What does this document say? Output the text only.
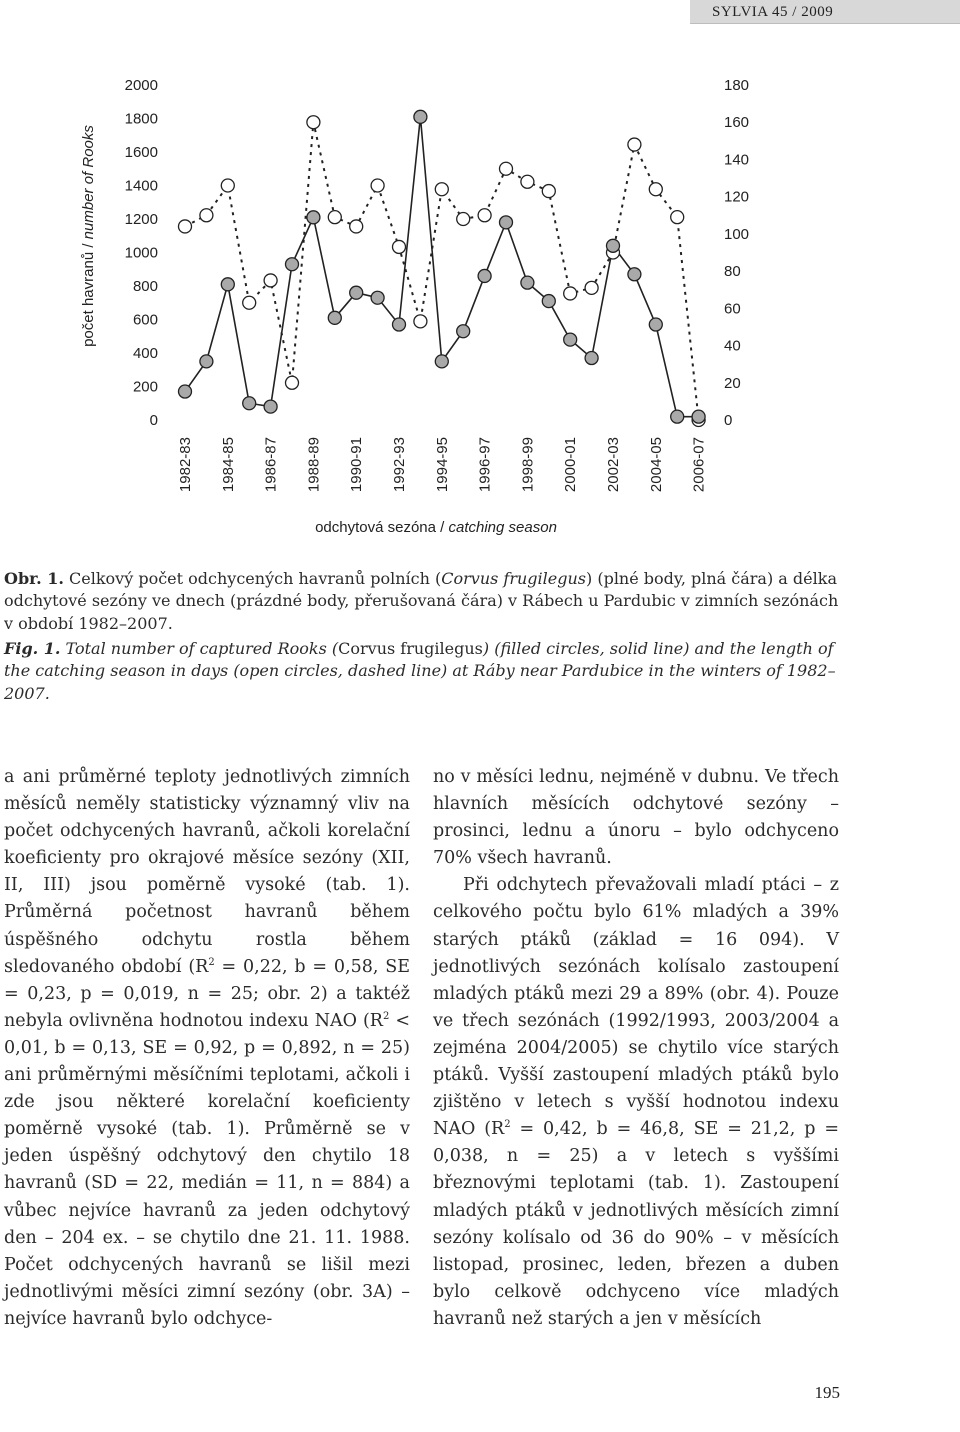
SYLVIA 45 / 2009
0
200
400
600
800
1000
1200
1400
1600
1800
2000
0
20
40
60
80
100
120
140
160
180
1982-83 1984-85 1986-87 1988-89 1990-91 1992-93 1994-95 1996-97 1998-99 2000-01 2002-03 2004-05 2006-07
počet havranů / number of Rooks
odchytová sezóna / catching season
Obr. 1. Celkový počet odchycených havranů polních (Corvus frugilegus) (plné body, plná čára) a délka odchytové sezóny ve dnech (prázdné body, přerušovaná čára) v Rábech u Pardubic v zimních sezónách v období 1982–2007.
Fig. 1. Total number of captured Rooks (Corvus frugilegus) (filled circles, solid line) and the length of the catching season in days (open circles, dashed line) at Ráby near Pardubice in the winters of 1982–2007.

a ani průměrné teploty jednotlivých zimních měsíců neměly statisticky významný vliv na počet odchycených havranů, ačkoli korelační koeficienty pro okrajové měsíce sezóny (XII, II, III) jsou poměrně vysoké (tab. 1). Průměrná početnost havranů během úspěšného odchytu rostla během sledovaného období ($R^2 = 0,22$, b = 0,58, SE = 0,23, p = 0,019, n = 25; obr. 2) a taktéž nebyla ovlivněna hodnotou indexu NAO ($R^2 < 0,01$, b = 0,13, SE = 0,92, p = 0,892, n = 25) ani průměrnými měsíčními teplotami, ačkoli i zde jsou některé korelační koeficienty poměrně vysoké (tab. 1). Průměrně se v jeden úspěšný odchytový den chytilo 18 havranů (SD = 22, medián = 11, n = 884) a vůbec nejvíce havranů za jeden odchytový den – 204 ex. – se chytilo dne 21. 11. 1988. Počet odchycených havranů se lišil mezi jednotlivými měsíci zimní sezóny (obr. 3A) – nejvíce havranů bylo odchyce-

no v měsíci lednu, nejméně v dubnu. Ve třech hlavních měsících odchytové sezóny – prosinci, lednu a únoru – bylo odchyceno 70% všech havranů.

Při odchytech převažovali mladí ptáci – z celkového počtu bylo 61% mladých a 39% starých ptáků (základ = 16 094). V jednotlivých sezónách kolísalo zastoupení mladých ptáků mezi 29 a 89% (obr. 4). Pouze ve třech sezónách (1992/1993, 2003/2004 a zejména 2004/2005) se chytilo více starých ptáků. Vyšší zastoupení mladých ptáků bylo zjištěno v letech s vyšší hodnotou indexu NAO ($R^2 = 0,42$, b = 46,8, SE = 21,2, p = 0,038, n = 25) a v letech s vyššími březnovými teplotami (tab. 1). Zastoupení mladých ptáků v jednotlivých měsících zimní sezóny kolísalo od 36 do 90% – v měsících listopad, prosinec, leden, březen a duben bylo celkově odchyceno více mladých havranů než starých a jen v měsících

195
